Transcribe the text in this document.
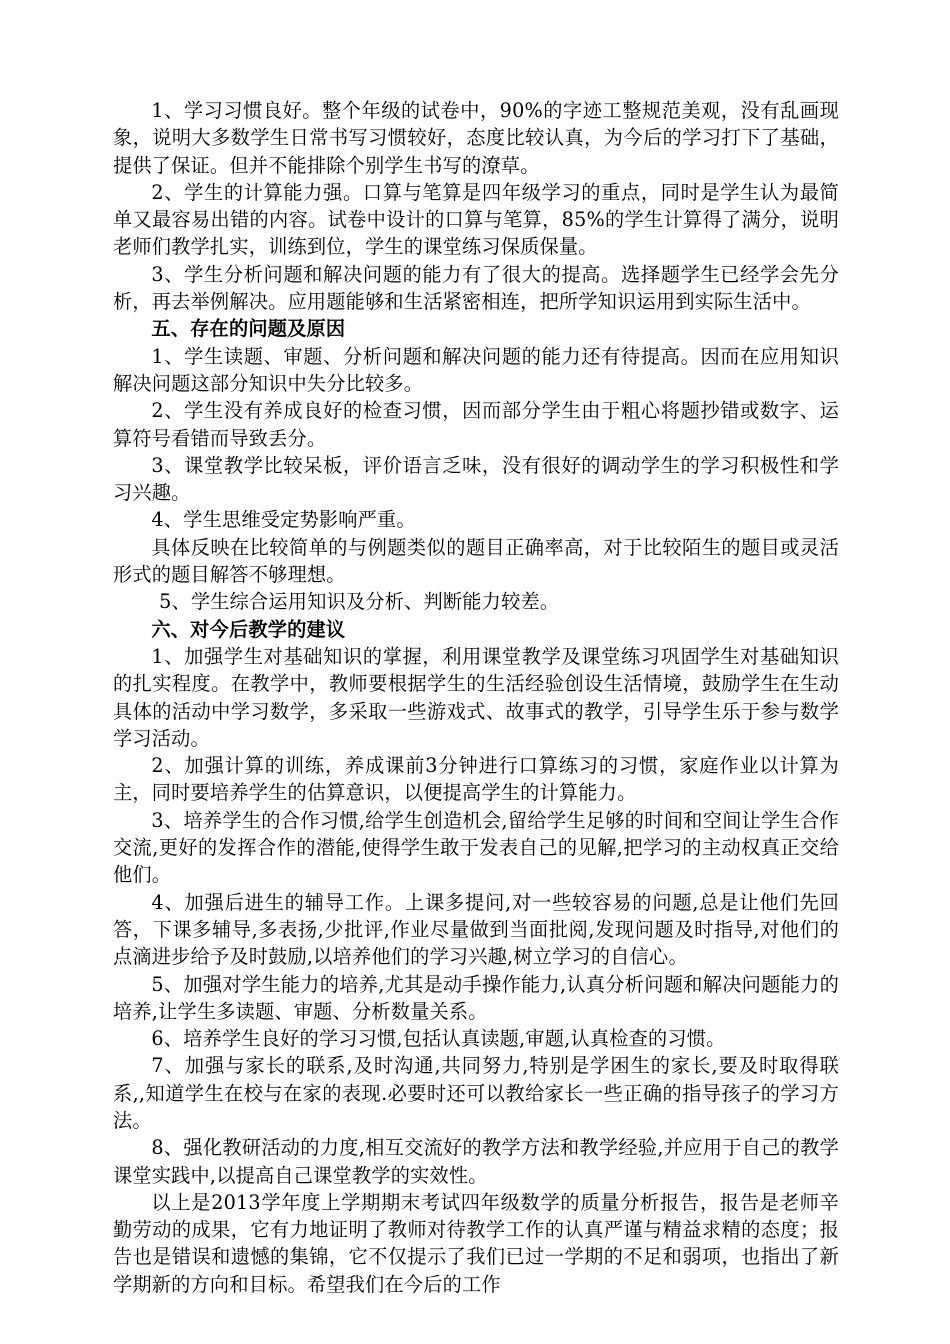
1、学习习惯良好。整个年级的试卷中，90%的字迹工整规范美观，没有乱画现象，说明大多数学生日常书写习惯较好，态度比较认真，为今后的学习打下了基础，提供了保证。但并不能排除个别学生书写的潦草。

2、学生的计算能力强。口算与笔算是四年级学习的重点，同时是学生认为最简单又最容易出错的内容。试卷中设计的口算与笔算，85%的学生计算得了满分，说明老师们教学扎实，训练到位，学生的课堂练习保质保量。

3、学生分析问题和解决问题的能力有了很大的提高。选择题学生已经学会先分析，再去举例解决。应用题能够和生活紧密相连，把所学知识运用到实际生活中。

五、存在的问题及原因

1、学生读题、审题、分析问题和解决问题的能力还有待提高。因而在应用知识解决问题这部分知识中失分比较多。

2、学生没有养成良好的检查习惯，因而部分学生由于粗心将题抄错或数字、运算符号看错而导致丢分。

3、课堂教学比较呆板，评价语言乏味，没有很好的调动学生的学习积极性和学习兴趣。

4、学生思维受定势影响严重。

具体反映在比较简单的与例题类似的题目正确率高，对于比较陌生的题目或灵活形式的题目解答不够理想。

5、学生综合运用知识及分析、判断能力较差。

六、对今后教学的建议

1、加强学生对基础知识的掌握，利用课堂教学及课堂练习巩固学生对基础知识的扎实程度。在教学中，教师要根据学生的生活经验创设生活情境，鼓励学生在生动具体的活动中学习数学，多采取一些游戏式、故事式的教学，引导学生乐于参与数学学习活动。

2、加强计算的训练，养成课前3分钟进行口算练习的习惯，家庭作业以计算为主，同时要培养学生的估算意识，以便提高学生的计算能力。

3、培养学生的合作习惯,给学生创造机会,留给学生足够的时间和空间让学生合作交流,更好的发挥合作的潜能,使得学生敢于发表自己的见解,把学习的主动权真正交给他们。

4、加强后进生的辅导工作。上课多提问,对一些较容易的问题,总是让他们先回答，下课多辅导,多表扬,少批评,作业尽量做到当面批阅,发现问题及时指导,对他们的点滴进步给予及时鼓励,以培养他们的学习兴趣,树立学习的自信心。

5、加强对学生能力的培养,尤其是动手操作能力,认真分析问题和解决问题能力的培养,让学生多读题、审题、分析数量关系。

6、培养学生良好的学习习惯,包括认真读题,审题,认真检查的习惯。

7、加强与家长的联系,及时沟通,共同努力,特别是学困生的家长,要及时取得联系,,知道学生在校与在家的表现.必要时还可以教给家长一些正确的指导孩子的学习方法。

8、强化教研活动的力度,相互交流好的教学方法和教学经验,并应用于自己的教学课堂实践中,以提高自己课堂教学的实效性。

以上是2013学年度上学期期末考试四年级数学的质量分析报告，报告是老师辛勤劳动的成果，它有力地证明了教师对待教学工作的认真严谨与精益求精的态度；报告也是错误和遗憾的集锦，它不仅提示了我们已过一学期的不足和弱项，也指出了新学期新的方向和目标。希望我们在今后的工作
